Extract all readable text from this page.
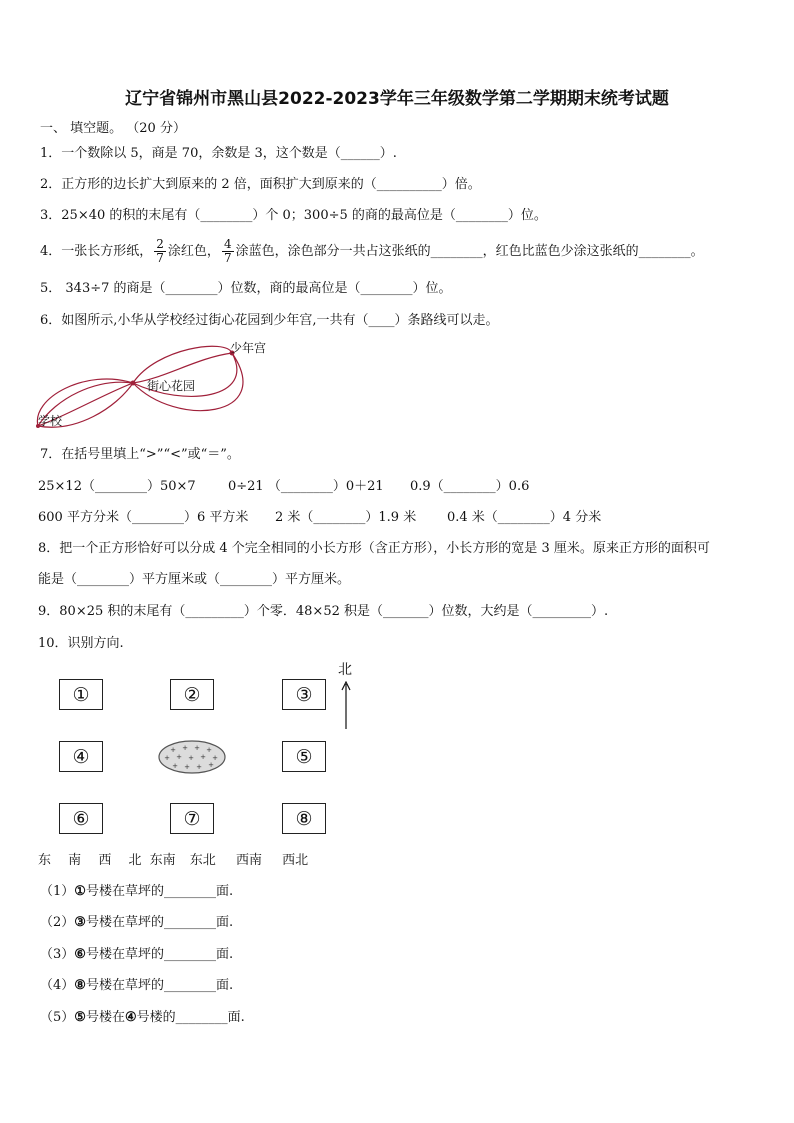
辽宁省锦州市黑山县2022-2023学年三年级数学第二学期期末统考试题
一、 填空题。 （20 分）
1．一个数除以 5，商是 70，余数是 3，这个数是（______）.
2．正方形的边长扩大到原来的 2 倍，面积扩大到原来的（__________）倍。
3．25×40 的积的末尾有（________）个 0；300÷5 的商的最高位是（________）位。
4．一张长方形纸， $\frac{2}{7}$ 涂红色， $\frac{4}{7}$ 涂蓝色，涂色部分一共占这张纸的________，红色比蓝色少涂这张纸的________。
5． 343÷7 的商是（________）位数，商的最高位是（________）位。
6．如图所示,小华从学校经过街心花园到少年宫,一共有（____）条路线可以走。
少年宫
街心花园
学校
7．在括号里填上“>”“<”或“＝”。
25×12（________）50×7 0÷21 （________）0＋21 0.9（________）0.6
600 平方分米（________）6 平方米 2 米（________）1.9 米 0.4 米（________）4 分米
8．把一个正方形恰好可以分成 4 个完全相同的小长方形（含正方形），小长方形的宽是 3 厘米。原来正方形的面积可
能是（________）平方厘米或（________）平方厘米。
9．80×25 积的末尾有（_________）个零．48×52 积是（_______）位数，大约是（_________）.
10．识别方向.
①	②	③
④	⑤
⑥	⑦	⑧
+ + + +
+ + + + +
+ + + +
北
东 南 西 北 东南 东北 西南 西北
（1）①号楼在草坪的________面.
（2）③号楼在草坪的________面.
（3）⑥号楼在草坪的________面.
（4）⑧号楼在草坪的________面.
（5）⑤号楼在④号楼的________面.
